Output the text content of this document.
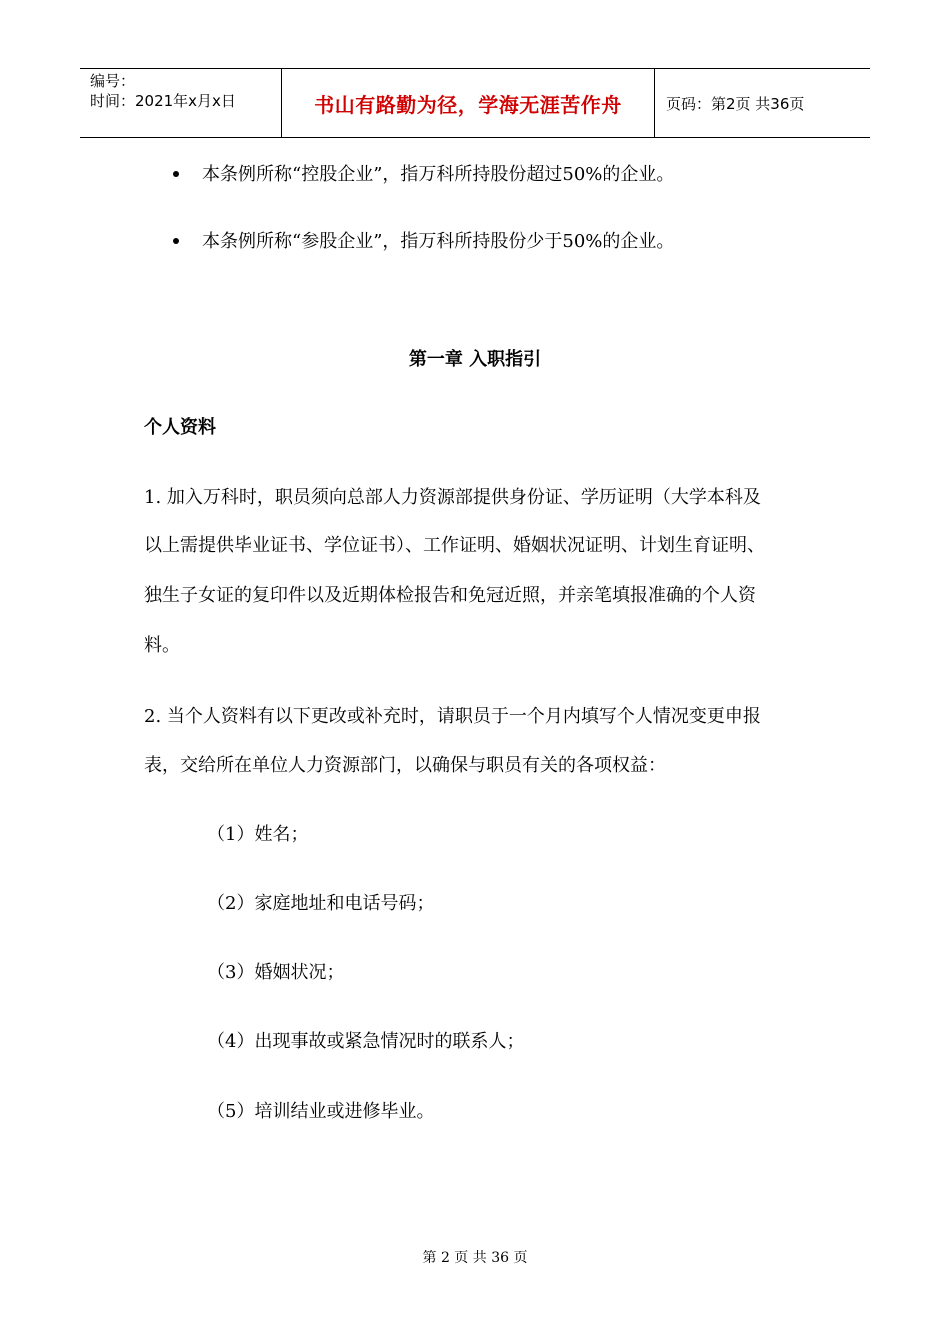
编号：
时间：2021年x月x日	书山有路勤为径，学海无涯苦作舟	页码：第2页 共36页
本条例所称“控股企业”，指万科所持股份超过50%的企业。
本条例所称“参股企业”，指万科所持股份少于50%的企业。
第一章 入职指引
个人资料
1. 加入万科时，职员须向总部人力资源部提供身份证、学历证明（大学本科及
以上需提供毕业证书、学位证书）、工作证明、婚姻状况证明、计划生育证明、
独生子女证的复印件以及近期体检报告和免冠近照，并亲笔填报准确的个人资
料。
2. 当个人资料有以下更改或补充时，请职员于一个月内填写个人情况变更申报
表，交给所在单位人力资源部门，以确保与职员有关的各项权益：
（1）姓名；
（2）家庭地址和电话号码；
（3）婚姻状况；
（4）出现事故或紧急情况时的联系人；
（5）培训结业或进修毕业。
第 2 页 共 36 页
